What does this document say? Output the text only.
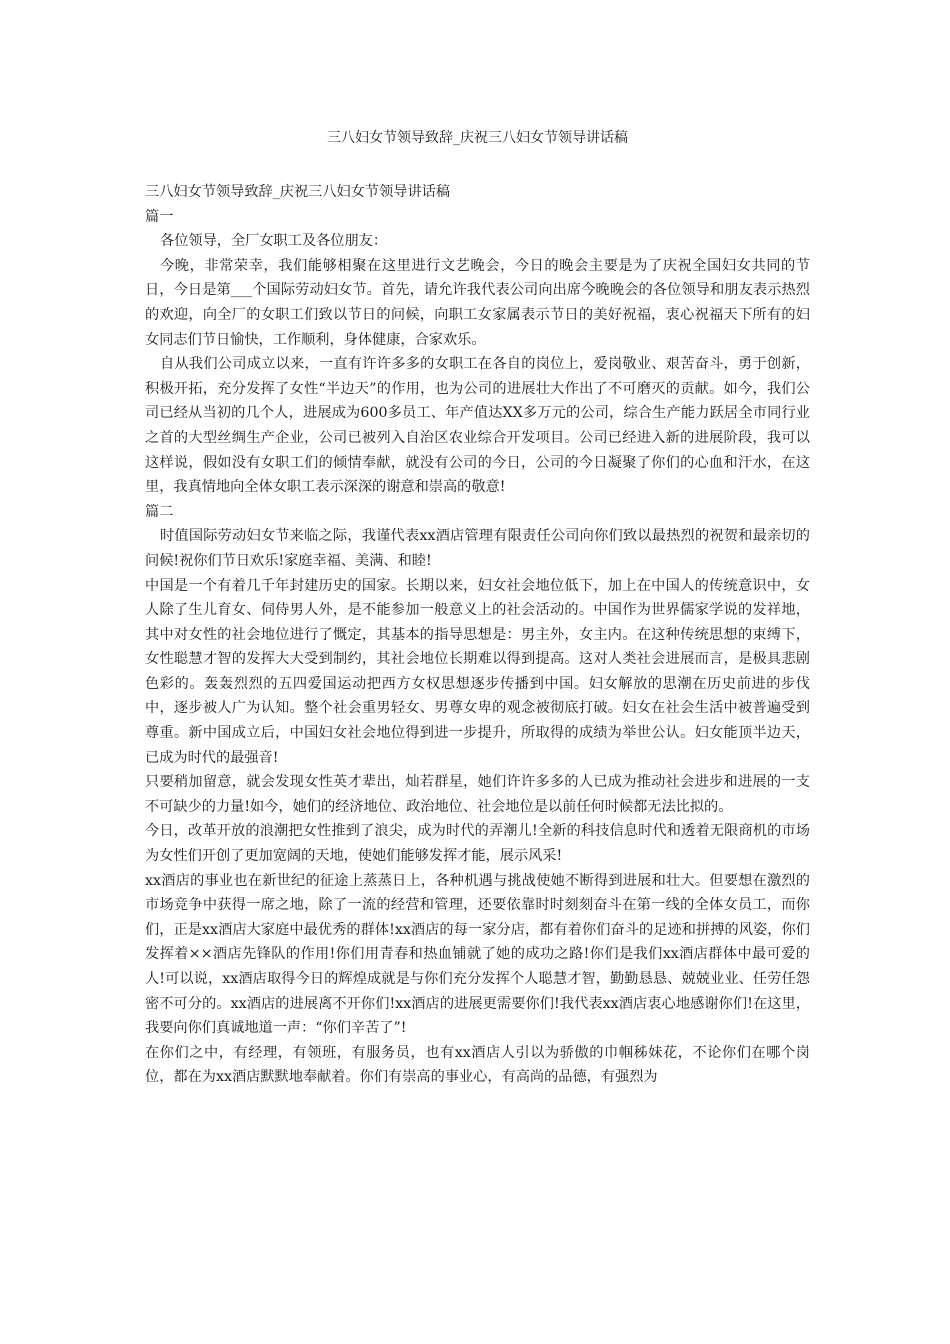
三八妇女节领导致辞_庆祝三八妇女节领导讲话稿

三八妇女节领导致辞_庆祝三八妇女节领导讲话稿

篇一

各位领导，全厂女职工及各位朋友：

今晚，非常荣幸，我们能够相聚在这里进行文艺晚会，今日的晚会主要是为了庆祝全国妇女共同的节日，今日是第___个国际劳动妇女节。首先，请允许我代表公司向出席今晚晚会的各位领导和朋友表示热烈的欢迎，向全厂的女职工们致以节日的问候，向职工女家属表示节日的美好祝福，衷心祝福天下所有的妇女同志们节日愉快，工作顺利，身体健康，合家欢乐。

自从我们公司成立以来，一直有许许多多的女职工在各自的岗位上，爱岗敬业、艰苦奋斗，勇于创新，积极开拓，充分发挥了女性“半边天”的作用，也为公司的进展壮大作出了不可磨灭的贡献。如今，我们公司已经从当初的几个人，进展成为600多员工、年产值达XX多万元的公司，综合生产能力跃居全市同行业之首的大型丝绸生产企业，公司已被列入自治区农业综合开发项目。公司已经进入新的进展阶段，我可以这样说，假如没有女职工们的倾情奉献，就没有公司的今日，公司的今日凝聚了你们的心血和汗水，在这里，我真情地向全体女职工表示深深的谢意和崇高的敬意!

篇二

时值国际劳动妇女节来临之际，我谨代表xx酒店管理有限责任公司向你们致以最热烈的祝贺和最亲切的问候!祝你们节日欢乐!家庭幸福、美满、和睦!

中国是一个有着几千年封建历史的国家。长期以来，妇女社会地位低下，加上在中国人的传统意识中，女人除了生儿育女、伺侍男人外，是不能参加一般意义上的社会活动的。中国作为世界儒家学说的发祥地，其中对女性的社会地位进行了慨定，其基本的指导思想是：男主外，女主内。在这种传统思想的束缚下，女性聪慧才智的发挥大大受到制约，其社会地位长期难以得到提高。这对人类社会进展而言，是极具悲剧色彩的。轰轰烈烈的五四爱国运动把西方女权思想逐步传播到中国。妇女解放的思潮在历史前进的步伐中，逐步被人广为认知。整个社会重男轻女、男尊女卑的观念被彻底打破。妇女在社会生活中被普遍受到尊重。新中国成立后，中国妇女社会地位得到进一步提升，所取得的成绩为举世公认。妇女能顶半边天，已成为时代的最强音!

只要稍加留意，就会发现女性英才辈出，灿若群星，她们许许多多的人已成为推动社会进步和进展的一支不可缺少的力量!如今，她们的经济地位、政治地位、社会地位是以前任何时候都无法比拟的。

今日，改革开放的浪潮把女性推到了浪尖，成为时代的弄潮儿!全新的科技信息时代和透着无限商机的市场为女性们开创了更加宽阔的天地，使她们能够发挥才能，展示风采!

xx酒店的事业也在新世纪的征途上蒸蒸日上，各种机遇与挑战使她不断得到进展和壮大。但要想在激烈的市场竞争中获得一席之地，除了一流的经营和管理，还要依靠时时刻刻奋斗在第一线的全体女员工，而你们，正是xx酒店大家庭中最优秀的群体!xx酒店的每一家分店，都有着你们奋斗的足迹和拼搏的风姿，你们发挥着××酒店先锋队的作用!你们用青春和热血铺就了她的成功之路!你们是我们xx酒店群体中最可爱的人!可以说，xx酒店取得今日的辉煌成就是与你们充分发挥个人聪慧才智，勤勤恳恳、兢兢业业、任劳任怨密不可分的。xx酒店的进展离不开你们!xx酒店的进展更需要你们!我代表xx酒店衷心地感谢你们!在这里，我要向你们真诚地道一声：“你们辛苦了”!

在你们之中，有经理，有领班，有服务员，也有xx酒店人引以为骄傲的巾帼秭妹花，不论你们在哪个岗位，都在为xx酒店默默地奉献着。你们有崇高的事业心，有高尚的品德，有强烈为
